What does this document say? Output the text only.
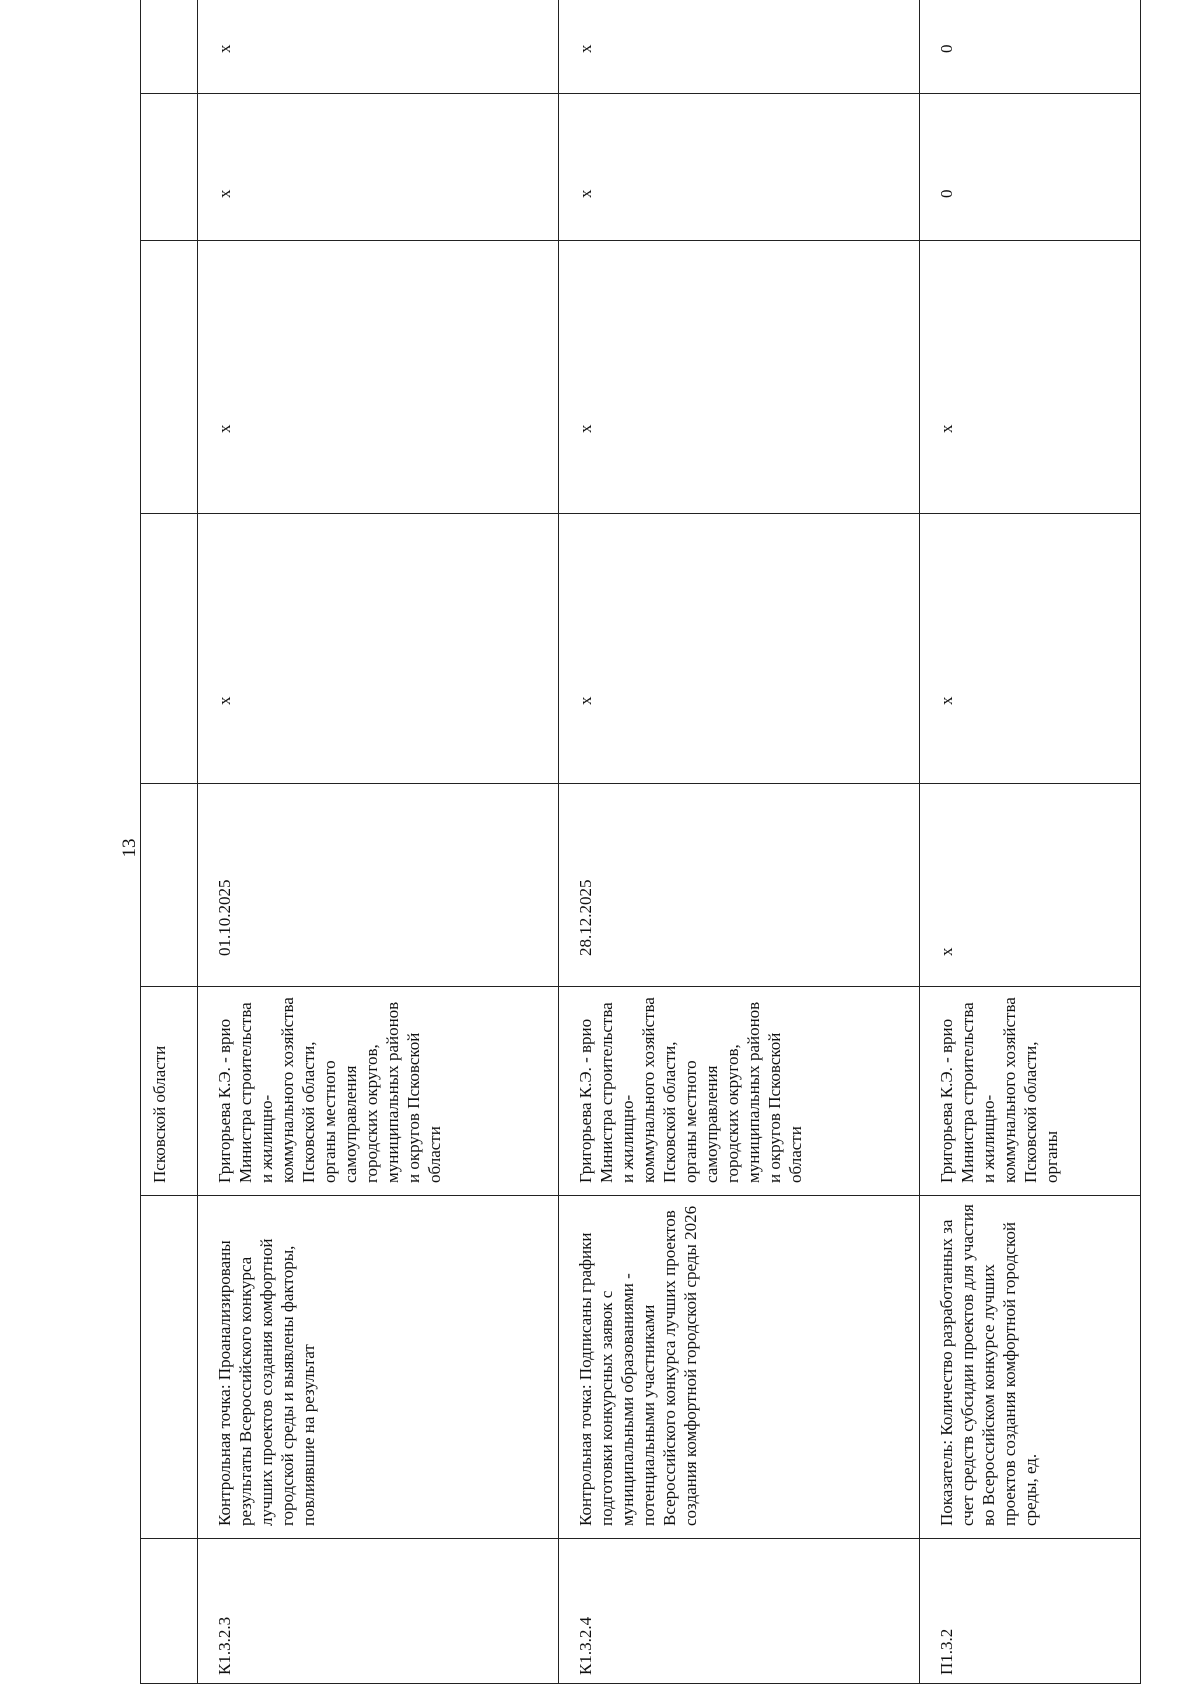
13
		Псковской области							
К1.3.2.3	Контрольная точка: Проанализированы результаты Всероссийского конкурса лучших проектов создания комфортной городской среды и выявлены факторы, повлиявшие на результат	Григорьева К.Э. - врио Министра строительства и жилищно-коммунального хозяйства Псковской области, органы местного самоуправления городских округов, муниципальных районов и округов Псковской области	01.10.2025	x	x	x	x		
К1.3.2.4	Контрольная точка: Подписаны графики подготовки конкурсных заявок с муниципальными образованиями - потенциальными участниками Всероссийского конкурса лучших проектов создания комфортной городской среды 2026	Григорьева К.Э. - врио Министра строительства и жилищно-коммунального хозяйства Псковской области, органы местного самоуправления городских округов, муниципальных районов и округов Псковской области	28.12.2025	x	x	x	x		
П1.3.2	Показатель: Количество разработанных за счет средств субсидии проектов для участия во Всероссийском конкурсе лучших проектов создания комфортной городской среды, ед.	Григорьева К.Э. - врио Министра строительства и жилищно-коммунального хозяйства Псковской области, органы	x	x	x	0	0		
